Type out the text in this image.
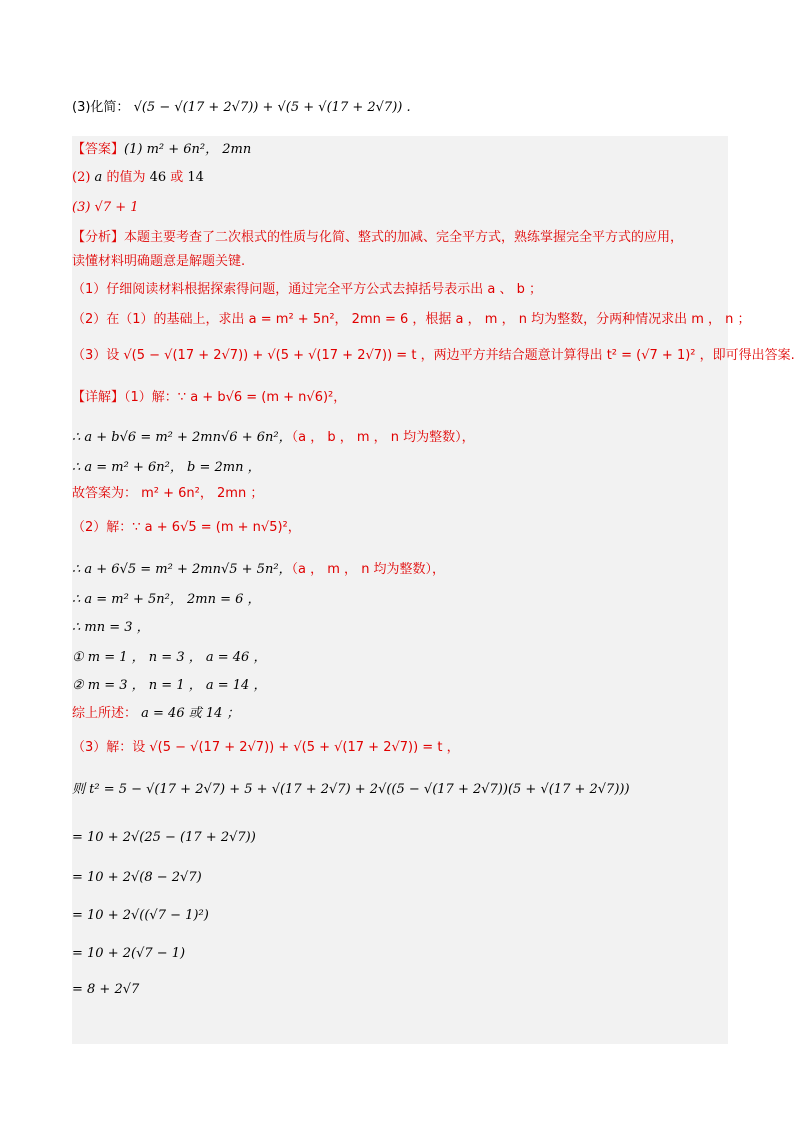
(3)化简： √(5 − √(17 + 2√7)) + √(5 + √(17 + 2√7)) .
【答案】(1) m² + 6n²， 2mn
(2) a 的值为 46 或 14
(3) √7 + 1
【分析】本题主要考查了二次根式的性质与化简、整式的加减、完全平方式，熟练掌握完全平方式的应用，
读懂材料明确题意是解题关键.
（1）仔细阅读材料根据探索得问题，通过完全平方公式去掉括号表示出 a 、 b ；
（2）在（1）的基础上，求出 a = m² + 5n²， 2mn = 6 ，根据 a ， m ， n 均为整数，分两种情况求出 m ， n ；
（3）设 √(5 − √(17 + 2√7)) + √(5 + √(17 + 2√7)) = t ，两边平方并结合题意计算得出 t² = (√7 + 1)² ，即可得出答案.
【详解】（1）解：∵ a + b√6 = (m + n√6)²，
∴ a + b√6 = m² + 2mn√6 + 6n²，（a ， b ， m ， n 均为整数），
∴ a = m² + 6n²， b = 2mn ，
故答案为： m² + 6n²， 2mn ；
（2）解：∵ a + 6√5 = (m + n√5)²，
∴ a + 6√5 = m² + 2mn√5 + 5n²，（a ， m ， n 均为整数），
∴ a = m² + 5n²， 2mn = 6 ，
∴ mn = 3 ，
① m = 1 ， n = 3 ， a = 46 ，
② m = 3 ， n = 1 ， a = 14 ，
综上所述： a = 46 或 14 ；
（3）解：设 √(5 − √(17 + 2√7)) + √(5 + √(17 + 2√7)) = t ，
则 t² = 5 − √(17 + 2√7) + 5 + √(17 + 2√7) + 2√((5 − √(17 + 2√7))(5 + √(17 + 2√7)))
= 10 + 2√(25 − (17 + 2√7))
= 10 + 2√(8 − 2√7)
= 10 + 2√((√7 − 1)²)
= 10 + 2(√7 − 1)
= 8 + 2√7
